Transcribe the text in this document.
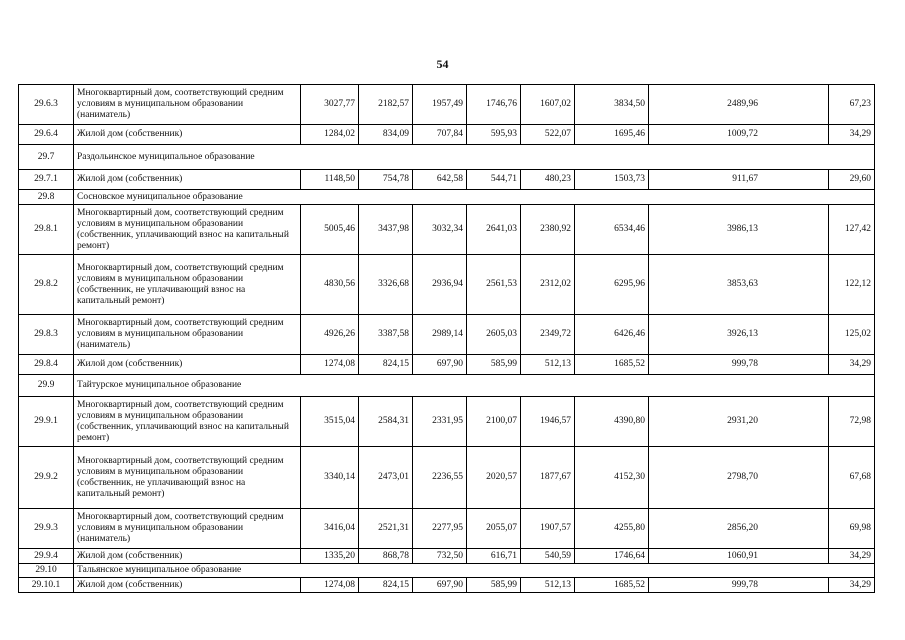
54
29.6.3	Многоквартирный дом, соответствующий средним условиям в муниципальном образовании (наниматель)	3027,77	2182,57	1957,49	1746,76	1607,02	3834,50	2489,96	67,23
29.6.4	Жилой дом (собственник)	1284,02	834,09	707,84	595,93	522,07	1695,46	1009,72	34,29
29.7	Раздольинское муниципальное образование								
29.7.1	Жилой дом (собственник)	1148,50	754,78	642,58	544,71	480,23	1503,73	911,67	29,60
29.8	Сосновское муниципальное образование								
29.8.1	Многоквартирный дом, соответствующий средним условиям в муниципальном образовании (собственник, уплачивающий взнос на капитальный ремонт)	5005,46	3437,98	3032,34	2641,03	2380,92	6534,46	3986,13	127,42
29.8.2	Многоквартирный дом, соответствующий средним условиям в муниципальном образовании (собственник, не уплачивающий взнос на капитальный ремонт)	4830,56	3326,68	2936,94	2561,53	2312,02	6295,96	3853,63	122,12
29.8.3	Многоквартирный дом, соответствующий средним условиям в муниципальном образовании (наниматель)	4926,26	3387,58	2989,14	2605,03	2349,72	6426,46	3926,13	125,02
29.8.4	Жилой дом (собственник)	1274,08	824,15	697,90	585,99	512,13	1685,52	999,78	34,29
29.9	Тайтурское муниципальное образование								
29.9.1	Многоквартирный дом, соответствующий средним условиям в муниципальном образовании (собственник, уплачивающий взнос на капитальный ремонт)	3515,04	2584,31	2331,95	2100,07	1946,57	4390,80	2931,20	72,98
29.9.2	Многоквартирный дом, соответствующий средним условиям в муниципальном образовании (собственник, не уплачивающий взнос на капитальный ремонт)	3340,14	2473,01	2236,55	2020,57	1877,67	4152,30	2798,70	67,68
29.9.3	Многоквартирный дом, соответствующий средним условиям в муниципальном образовании (наниматель)	3416,04	2521,31	2277,95	2055,07	1907,57	4255,80	2856,20	69,98
29.9.4	Жилой дом (собственник)	1335,20	868,78	732,50	616,71	540,59	1746,64	1060,91	34,29
29.10	Тальянское муниципальное образование								
29.10.1	Жилой дом (собственник)	1274,08	824,15	697,90	585,99	512,13	1685,52	999,78	34,29
